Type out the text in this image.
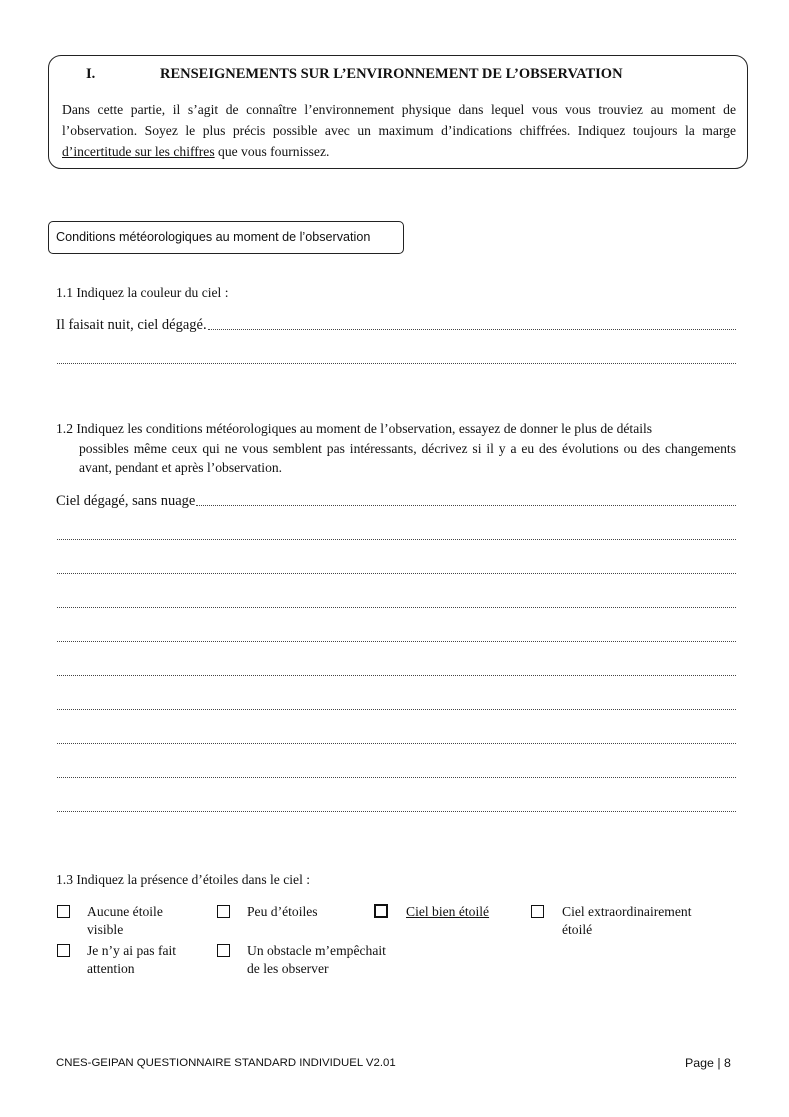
I.	RENSEIGNEMENTS SUR L’ENVIRONNEMENT DE L’OBSERVATION
Dans cette partie, il s’agit de connaître l’environnement physique dans lequel vous vous trouviez au moment de l’observation. Soyez le plus précis possible avec un maximum d’indications chiffrées. Indiquez toujours la marge d’incertitude sur les chiffres que vous fournissez.
Conditions météorologiques au moment de l’observation
1.1 Indiquez la couleur du ciel :
Il faisait nuit, ciel dégagé.
1.2 Indiquez les conditions météorologiques au moment de l’observation, essayez de donner le plus de détails
possibles même ceux qui ne vous semblent pas intéressants, décrivez si il y a eu des évolutions ou des changements avant, pendant et après l’observation.
Ciel dégagé, sans nuage
1.3 Indiquez la présence d’étoiles dans le ciel :
Aucune étoile
visible
Peu d’étoiles	Ciel bien étoilé	Ciel extraordinairement
étoilé
Je n’y ai pas fait
attention
Un obstacle m’empêchait
de les observer
CNES-GEIPAN QUESTIONNAIRE STANDARD INDIVIDUEL V2.01	Page | 8
